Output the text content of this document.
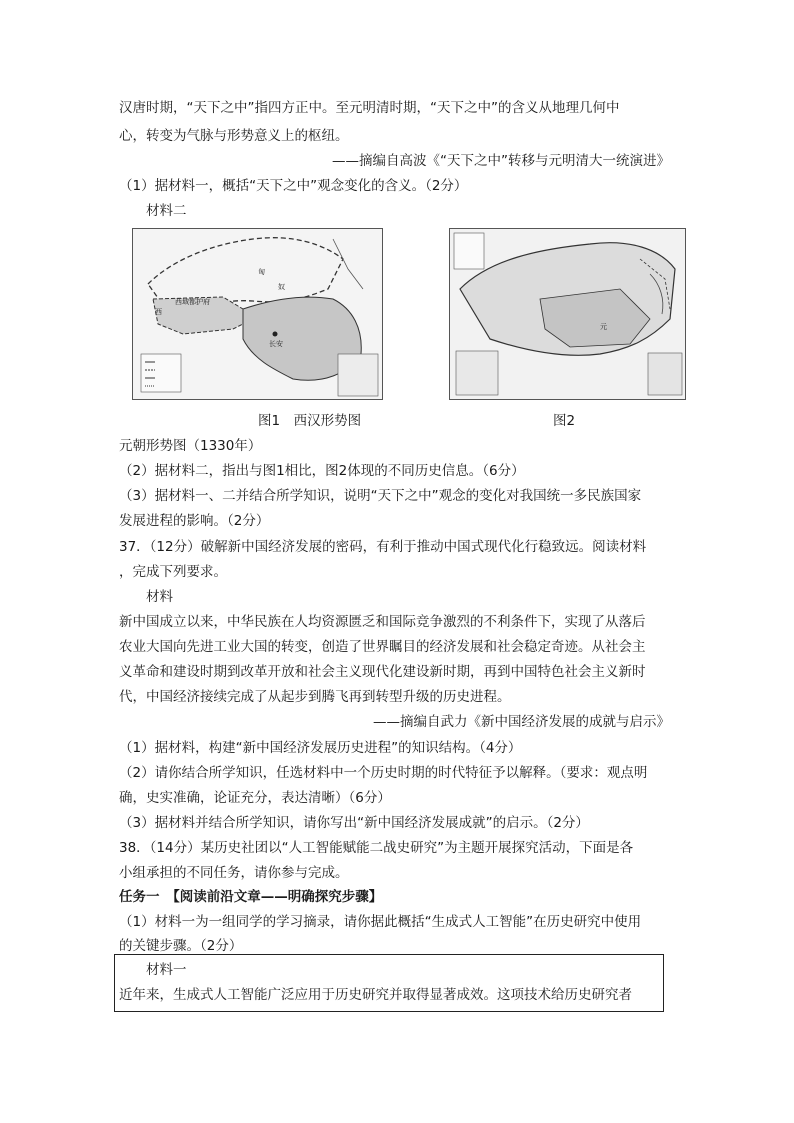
汉唐时期，“天下之中”指四方正中。至元明清时期，“天下之中”的含义从地理几何中
心，转变为气脉与形势意义上的枢纽。
——摘编自高波《“天下之中”转移与元明清大一统演进》
（1）据材料一，概括“天下之中”观念变化的含义。（2分）
材料二
匈
奴
西
西域都护府
长安
元
图1　西汉形势图	图2
元朝形势图（1330年）
（2）据材料二，指出与图1相比，图2体现的不同历史信息。（6分）
（3）据材料一、二并结合所学知识，说明“天下之中”观念的变化对我国统一多民族国家
发展进程的影响。（2分）
37．（12分）破解新中国经济发展的密码，有利于推动中国式现代化行稳致远。阅读材料
，完成下列要求。
材料
新中国成立以来，中华民族在人均资源匮乏和国际竞争激烈的不利条件下，实现了从落后
农业大国向先进工业大国的转变，创造了世界瞩目的经济发展和社会稳定奇迹。从社会主
义革命和建设时期到改革开放和社会主义现代化建设新时期，再到中国特色社会主义新时
代，中国经济接续完成了从起步到腾飞再到转型升级的历史进程。
——摘编自武力《新中国经济发展的成就与启示》
（1）据材料，构建“新中国经济发展历史进程”的知识结构。（4分）
（2）请你结合所学知识，任选材料中一个历史时期的时代特征予以解释。（要求：观点明
确，史实准确，论证充分，表达清晰）（6分）
（3）据材料并结合所学知识，请你写出“新中国经济发展成就”的启示。（2分）
38．（14分）某历史社团以“人工智能赋能二战史研究”为主题开展探究活动，下面是各
小组承担的不同任务，请你参与完成。
任务一　【阅读前沿文章——明确探究步骤】
（1）材料一为一组同学的学习摘录，请你据此概括“生成式人工智能”在历史研究中使用
的关键步骤。（2分）
材料一
近年来，生成式人工智能广泛应用于历史研究并取得显著成效。这项技术给历史研究者
